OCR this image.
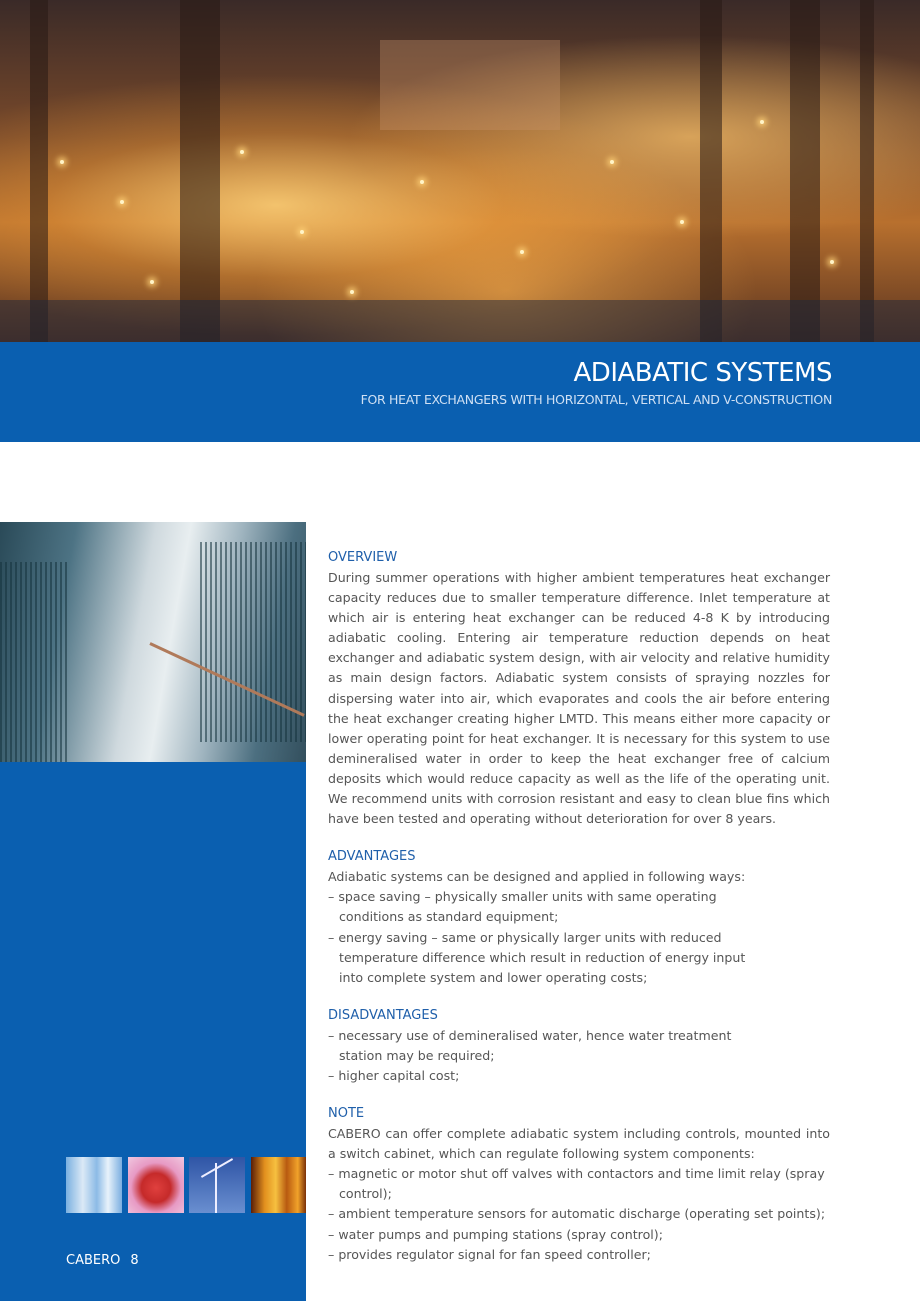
ADIABATIC SYSTEMS

FOR HEAT EXCHANGERS WITH HORIZONTAL, VERTICAL AND V-CONSTRUCTION

CABERO 8
OVERVIEW

During summer operations with higher ambient temperatures heat exchanger capacity reduces due to smaller temperature difference. Inlet temperature at which air is entering heat exchanger can be reduced 4-8 K by introducing adiabatic cooling. Entering air temperature reduction depends on heat exchanger and adiabatic system design, with air velocity and relative humidity as main design factors. Adiabatic system consists of spraying nozzles for dispersing water into air, which evaporates and cools the air before entering the heat exchanger creating higher LMTD. This means either more capacity or lower operating point for heat exchanger. It is necessary for this system to use demineralised water in order to keep the heat exchanger free of calcium deposits which would reduce capacity as well as the life of the operating unit. We recommend units with corrosion resistant and easy to clean blue fins which have been tested and operating without deterioration for over 8 years.

ADVANTAGES
Adiabatic systems can be designed and applied in following ways:
– space saving – physically smaller units with same operating conditions as standard equipment;
– energy saving – same or physically larger units with reduced temperature difference which result in reduction of energy input into complete system and lower operating costs;
DISADVANTAGES
– necessary use of demineralised water, hence water treatment station may be required;
– higher capital cost;
NOTE

CABERO can offer complete adiabatic system including controls, mounted into a switch cabinet, which can regulate following system components:

– magnetic or motor shut off valves with contactors and time limit relay (spray control);
– ambient temperature sensors for automatic discharge (operating set points);
– water pumps and pumping stations (spray control);
– provides regulator signal for fan speed controller;
